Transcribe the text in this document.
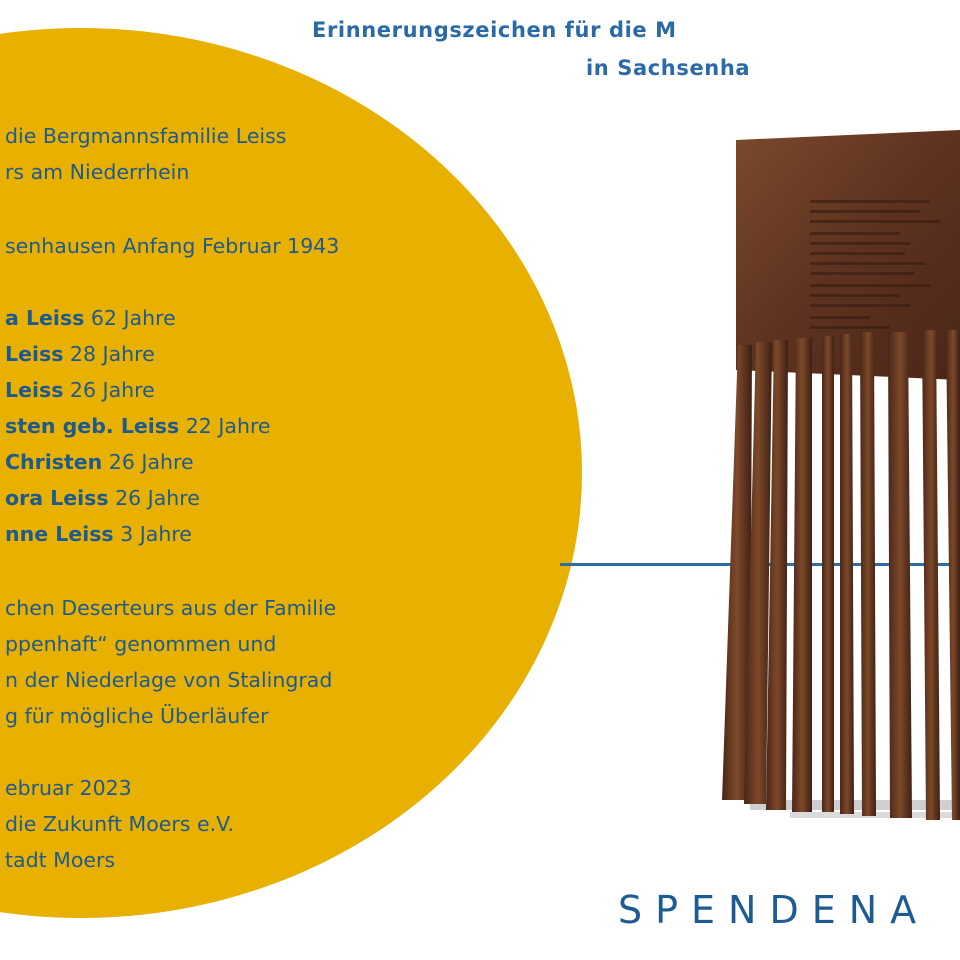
Erinnerungszeichen für die M
in Sachsenha
die Bergmannsfamilie Leiss
rs am Niederrhein
senhausen Anfang Februar 1943
a Leiss 62 Jahre
Leiss 28 Jahre
Leiss 26 Jahre
sten geb. Leiss 22 Jahre
Christen 26 Jahre
ora Leiss 26 Jahre
nne Leiss 3 Jahre
chen Deserteurs aus der Familie
ppenhaft“ genommen und
n der Niederlage von Stalingrad
g für mögliche Überläufer
ebruar 2023
die Zukunft Moers e.V.
tadt Moers
SPENDENA
